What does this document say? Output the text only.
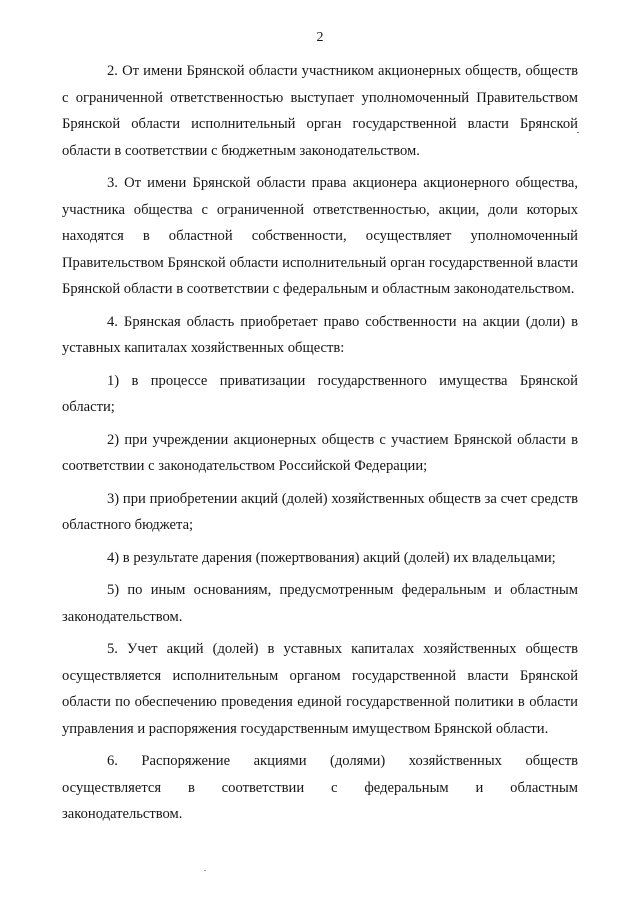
2

2. От имени Брянской области участником акционерных обществ, обществ с ограниченной ответственностью выступает уполномоченный Правительством Брянской области исполнительный орган государственной власти Брянской области в соответствии с бюджетным законодательством.

3. От имени Брянской области права акционера акционерного общества, участника общества с ограниченной ответственностью, акции, доли которых находятся в областной собственности, осуществляет уполномоченный Правительством Брянской области исполнительный орган государственной власти Брянской области в соответствии с федеральным и областным законодательством.

4. Брянская область приобретает право собственности на акции (доли) в уставных капиталах хозяйственных обществ:

1) в процессе приватизации государственного имущества Брянской области;

2) при учреждении акционерных обществ с участием Брянской области в соответствии с законодательством Российской Федерации;

3) при приобретении акций (долей) хозяйственных обществ за счет средств областного бюджета;

4) в результате дарения (пожертвования) акций (долей) их владельцами;

5) по иным основаниям, предусмотренным федеральным и областным законодательством.

5. Учет акций (долей) в уставных капиталах хозяйственных обществ осуществляется исполнительным органом государственной власти Брянской области по обеспечению проведения единой государственной политики в области управления и распоряжения государственным имуществом Брянской области.

6. Распоряжение акциями (долями) хозяйственных обществ
осуществляется в соответствии с федеральным и областным
законодательством.
